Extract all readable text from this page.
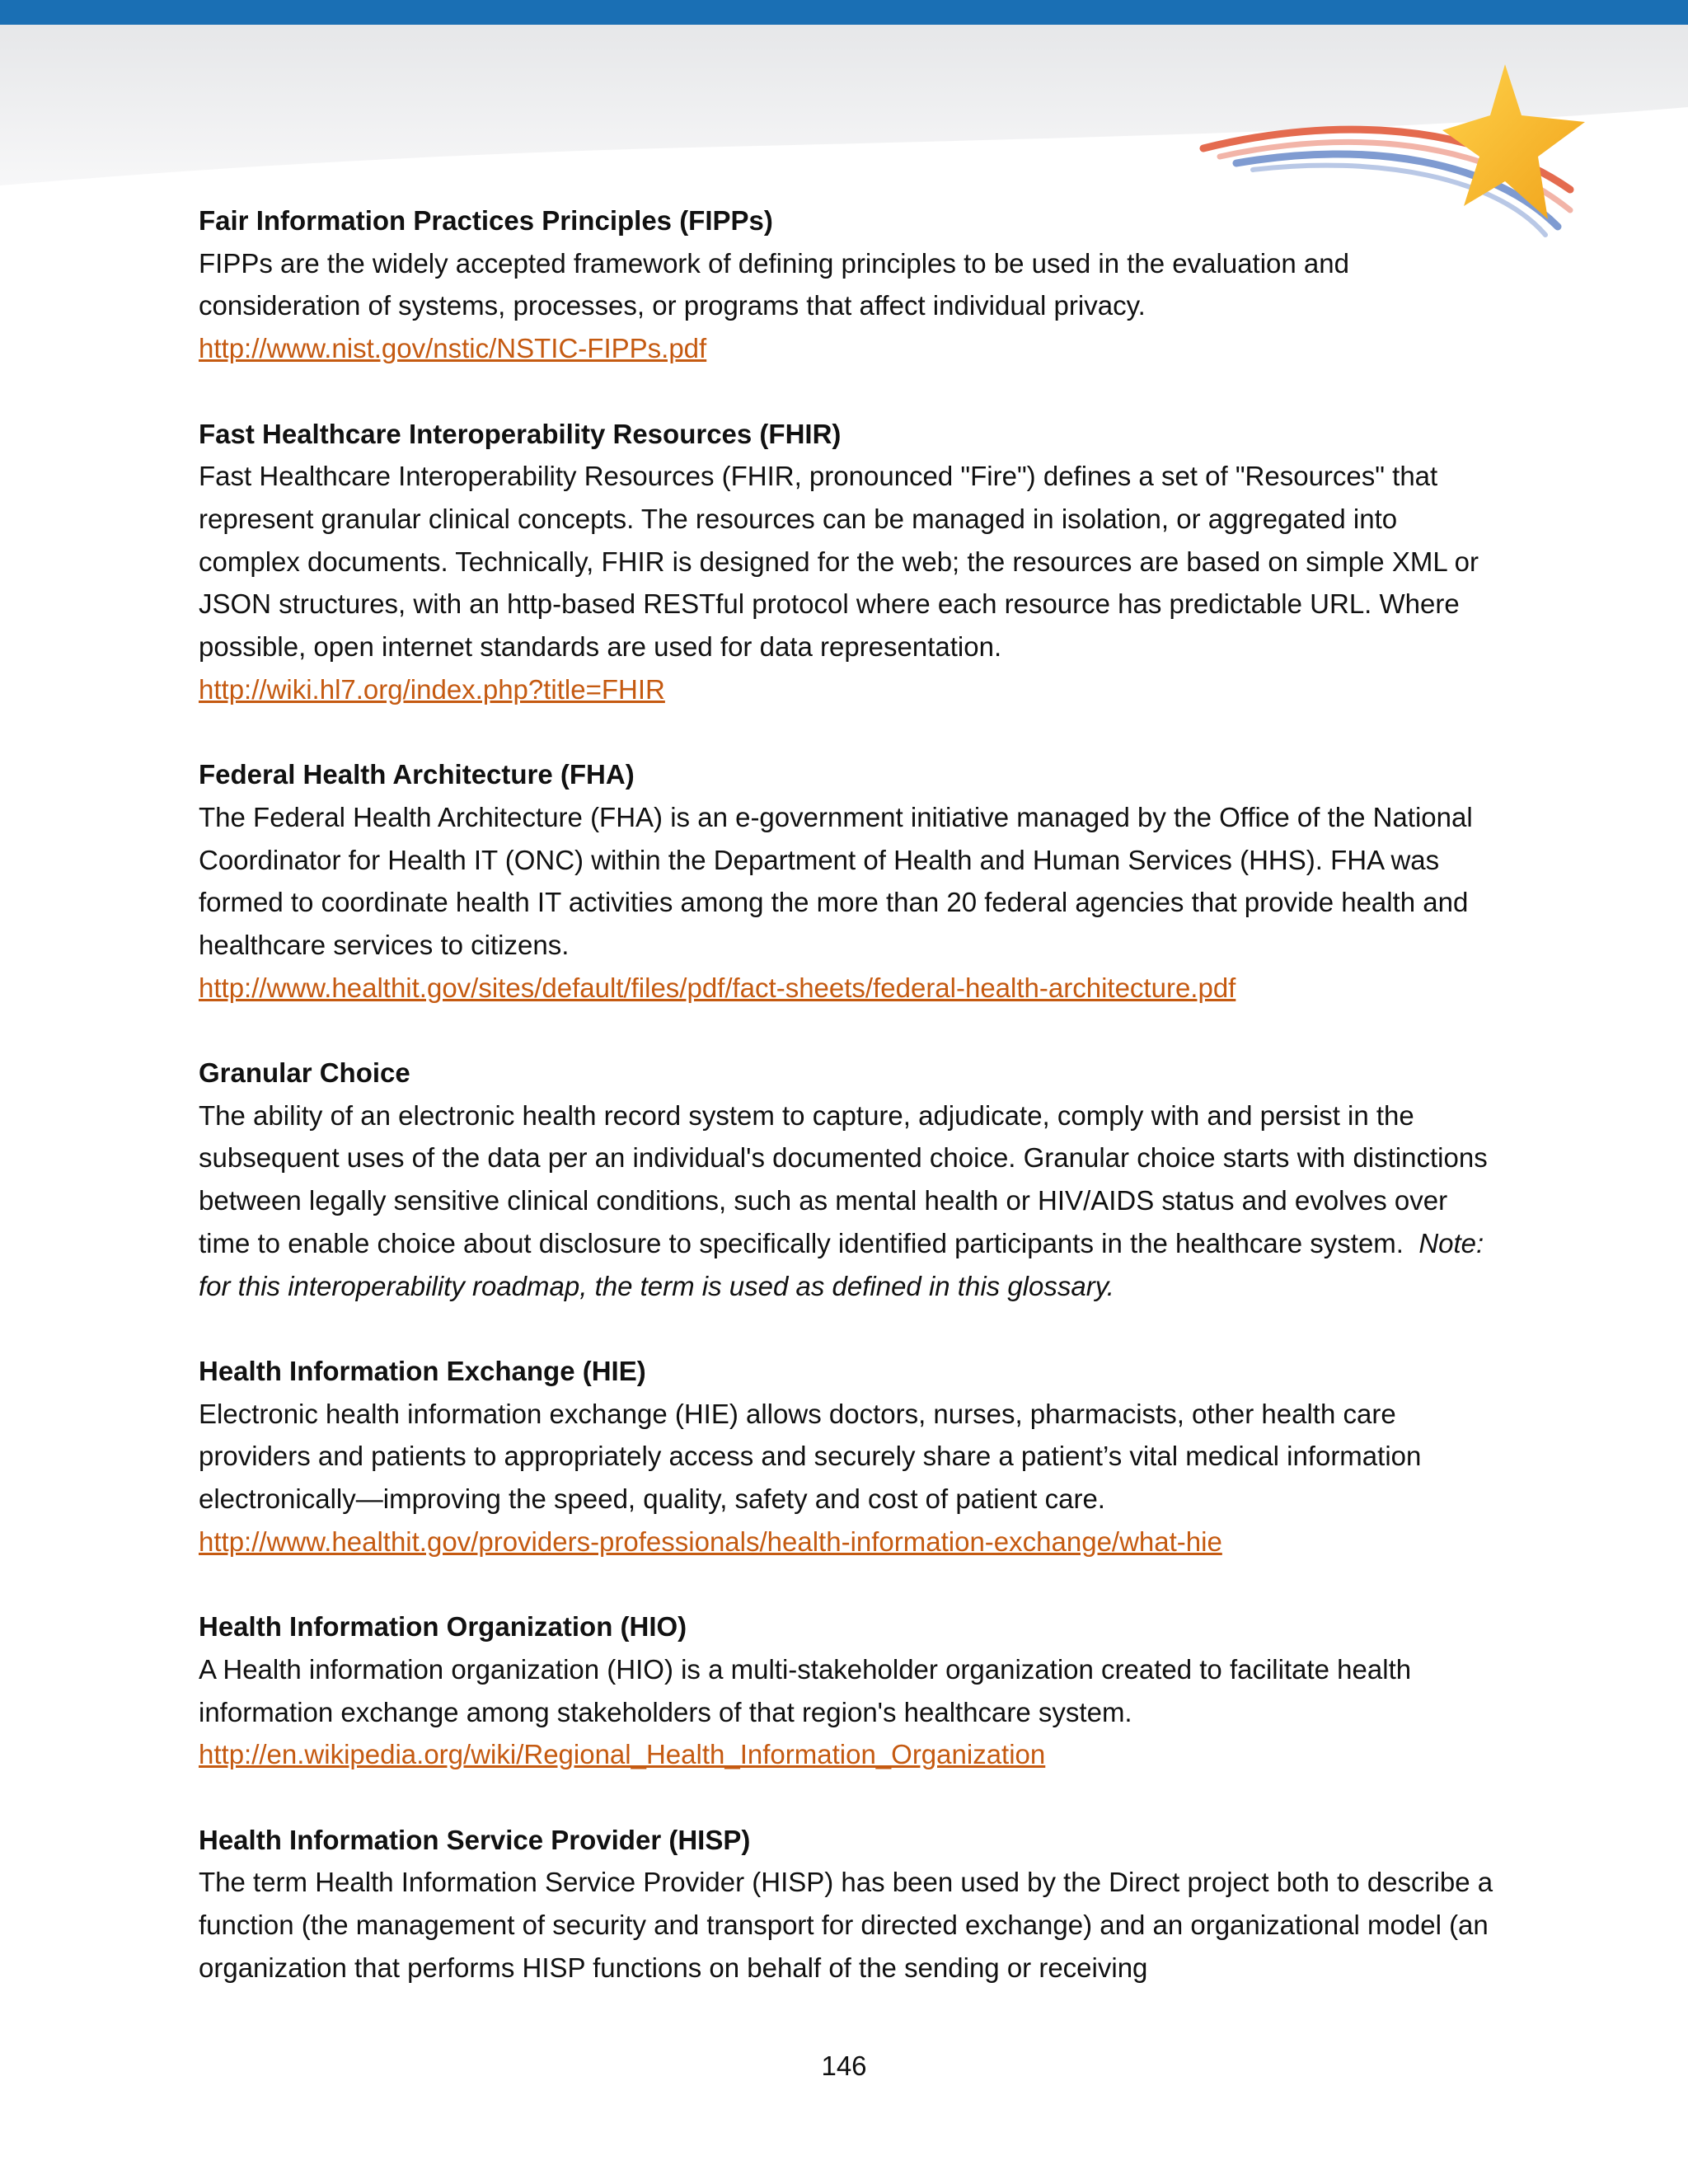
Fair Information Practices Principles (FIPPs)
FIPPs are the widely accepted framework of defining principles to be used in the evaluation and consideration of systems, processes, or programs that affect individual privacy.
http://www.nist.gov/nstic/NSTIC-FIPPs.pdf
Fast Healthcare Interoperability Resources (FHIR)
Fast Healthcare Interoperability Resources (FHIR, pronounced "Fire") defines a set of "Resources" that represent granular clinical concepts. The resources can be managed in isolation, or aggregated into complex documents. Technically, FHIR is designed for the web; the resources are based on simple XML or JSON structures, with an http-based RESTful protocol where each resource has predictable URL. Where possible, open internet standards are used for data representation.
http://wiki.hl7.org/index.php?title=FHIR
Federal Health Architecture (FHA)
The Federal Health Architecture (FHA) is an e-government initiative managed by the Office of the National Coordinator for Health IT (ONC) within the Department of Health and Human Services (HHS). FHA was formed to coordinate health IT activities among the more than 20 federal agencies that provide health and healthcare services to citizens.
http://www.healthit.gov/sites/default/files/pdf/fact-sheets/federal-health-architecture.pdf
Granular Choice
The ability of an electronic health record system to capture, adjudicate, comply with and persist in the subsequent uses of the data per an individual's documented choice. Granular choice starts with distinctions between legally sensitive clinical conditions, such as mental health or HIV/AIDS status and evolves over time to enable choice about disclosure to specifically identified participants in the healthcare system. Note: for this interoperability roadmap, the term is used as defined in this glossary.
Health Information Exchange (HIE)
Electronic health information exchange (HIE) allows doctors, nurses, pharmacists, other health care providers and patients to appropriately access and securely share a patient’s vital medical information electronically—improving the speed, quality, safety and cost of patient care.
http://www.healthit.gov/providers-professionals/health-information-exchange/what-hie
Health Information Organization (HIO)
A Health information organization (HIO) is a multi-stakeholder organization created to facilitate health information exchange among stakeholders of that region's healthcare system.
http://en.wikipedia.org/wiki/Regional_Health_Information_Organization
Health Information Service Provider (HISP)
The term Health Information Service Provider (HISP) has been used by the Direct project both to describe a function (the management of security and transport for directed exchange) and an organizational model (an organization that performs HISP functions on behalf of the sending or receiving
146
